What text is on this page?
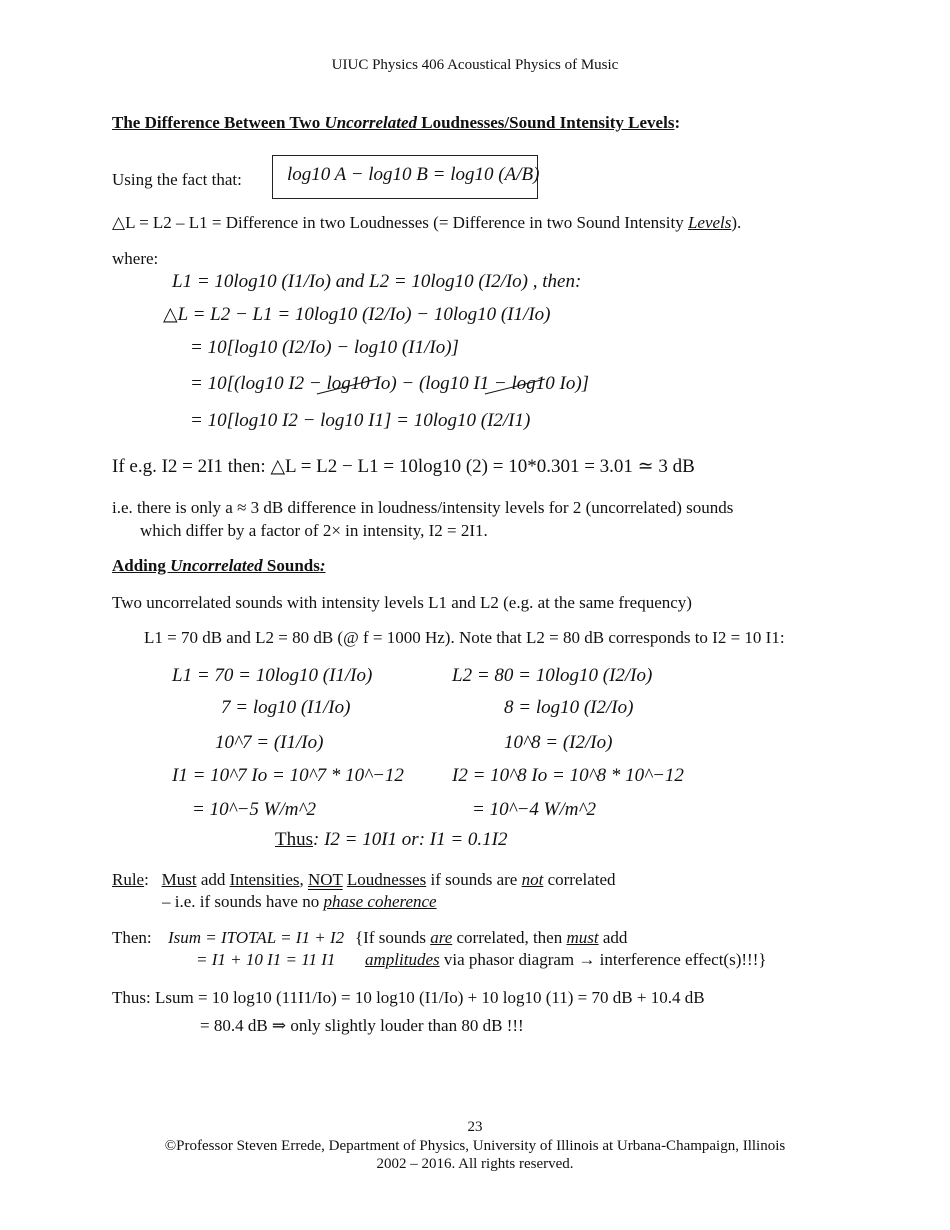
UIUC Physics 406 Acoustical Physics of Music
The Difference Between Two Uncorrelated Loudnesses/Sound Intensity Levels:
Using the fact that:	log10 A − log10 B = log10 (A/B)
△L = L2 – L1 = Difference in two Loudnesses (= Difference in two Sound Intensity Levels).
where:
L1 = 10log10 (I1/Io) and L2 = 10log10 (I2/Io) , then:
△L = L2 − L1 = 10log10 (I2/Io) − 10log10 (I1/Io)
= 10[log10 (I2/Io) − log10 (I1/Io)]
= 10[(log10 I2 − log10 Io) − (log10 I1 − log10 Io)]
= 10[log10 I2 − log10 I1] = 10log10 (I2/I1)
If e.g. I2 = 2I1 then: △L = L2 − L1 = 10log10 (2) = 10*0.301 = 3.01 ≃ 3 dB
i.e. there is only a ≈ 3 dB difference in loudness/intensity levels for 2 (uncorrelated) sounds
which differ by a factor of 2× in intensity, I2 = 2I1.
Adding Uncorrelated Sounds:
Two uncorrelated sounds with intensity levels L1 and L2 (e.g. at the same frequency)
L1 = 70 dB and L2 = 80 dB (@ f = 1000 Hz). Note that L2 = 80 dB corresponds to I2 = 10 I1:
L1 = 70 = 10log10 (I1/Io)
7 = log10 (I1/Io)
10^7 = (I1/Io)
I1 = 10^7 Io = 10^7 * 10^−12
= 10^−5 W/m^2
L2 = 80 = 10log10 (I2/Io)
8 = log10 (I2/Io)
10^8 = (I2/Io)
I2 = 10^8 Io = 10^8 * 10^−12
= 10^−4 W/m^2
Thus: I2 = 10I1 or: I1 = 0.1I2
Rule:   Must add Intensities, NOT Loudnesses if sounds are not correlated
– i.e. if sounds have no phase coherence
Then: Isum = ITOTAL = I1 + I2
= I1 + 10 I1 = 11 I1
{If sounds are correlated, then must add
amplitudes via phasor diagram → interference effect(s)!!!}
Thus: Lsum = 10 log10 (11I1/Io) = 10 log10 (I1/Io) + 10 log10 (11) = 70 dB + 10.4 dB
= 80.4 dB ⇒ only slightly louder than 80 dB !!!
23
©Professor Steven Errede, Department of Physics, University of Illinois at Urbana-Champaign, Illinois
2002 – 2016. All rights reserved.
